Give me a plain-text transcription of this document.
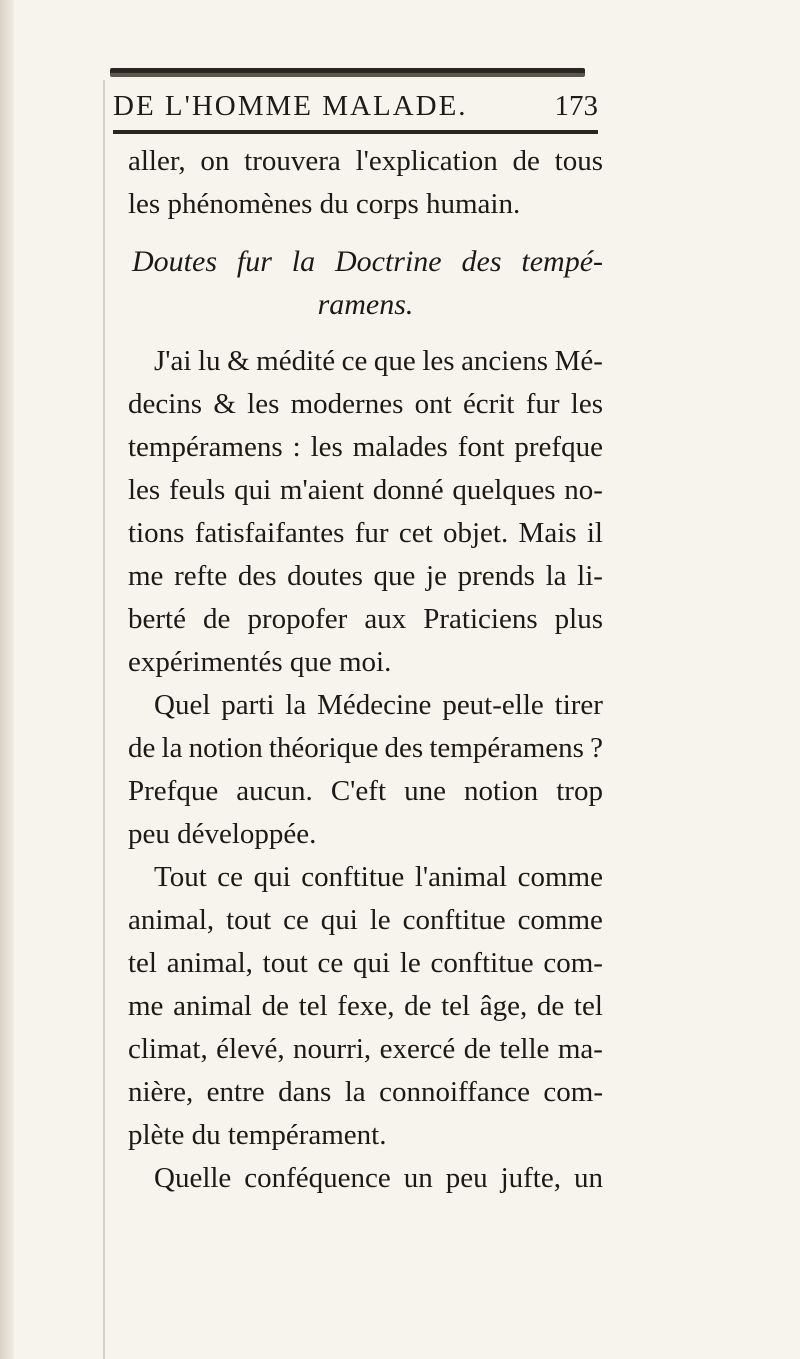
DE L'HOMME MALADE.	173
aller, on trouvera l'explication de tous
les phénomènes du corps humain.
Doutes fur la Doctrine des tempé-
ramens.
J'ai lu & médité ce que les anciens Mé-
decins & les modernes ont écrit fur les
tempéramens : les malades font prefque
les feuls qui m'aient donné quelques no-
tions fatisfaifantes fur cet objet. Mais il
me refte des doutes que je prends la li-
berté de propofer aux Praticiens plus
expérimentés que moi.
Quel parti la Médecine peut-elle tirer
de la notion théorique des tempéramens ?
Prefque aucun. C'eft une notion trop
peu développée.
Tout ce qui conftitue l'animal comme
animal, tout ce qui le conftitue comme
tel animal, tout ce qui le conftitue com-
me animal de tel fexe, de tel âge, de tel
climat, élevé, nourri, exercé de telle ma-
nière, entre dans la connoiffance com-
plète du tempérament.
Quelle conféquence un peu jufte, un
